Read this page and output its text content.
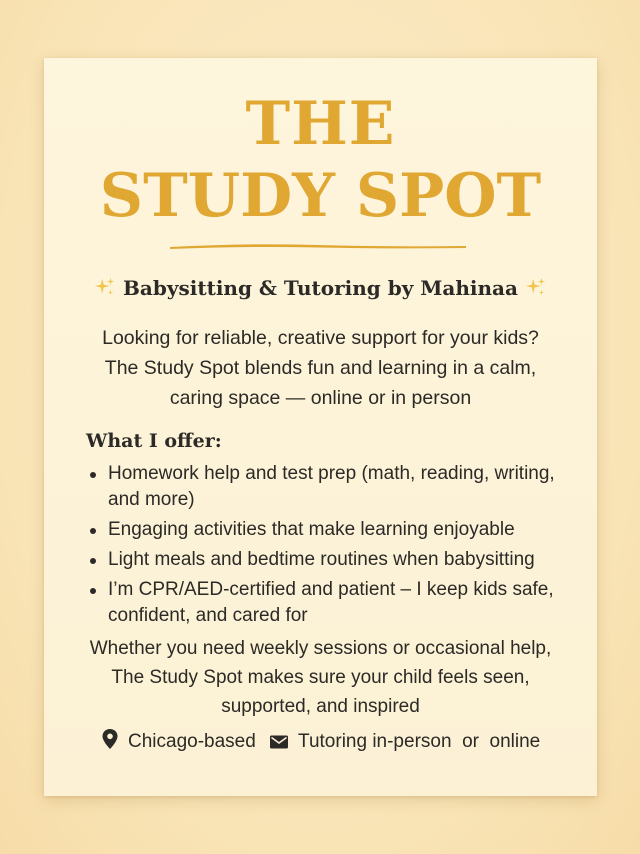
THE
STUDY SPOT
Babysitting & Tutoring by Mahinaa
Looking for reliable, creative support for your kids?
The Study Spot blends fun and learning in a calm,
caring space — online or in person
What I offer:
Homework help and test prep (math, reading, writing, and more)
Engaging activities that make learning enjoyable
Light meals and bedtime routines when babysitting
I’m CPR/AED-certified and patient – I keep kids safe, confident, and cared for
Whether you need weekly sessions or occasional help,
The Study Spot makes sure your child feels seen,
supported, and inspired
Chicago-based Tutoring in-person  or  online
